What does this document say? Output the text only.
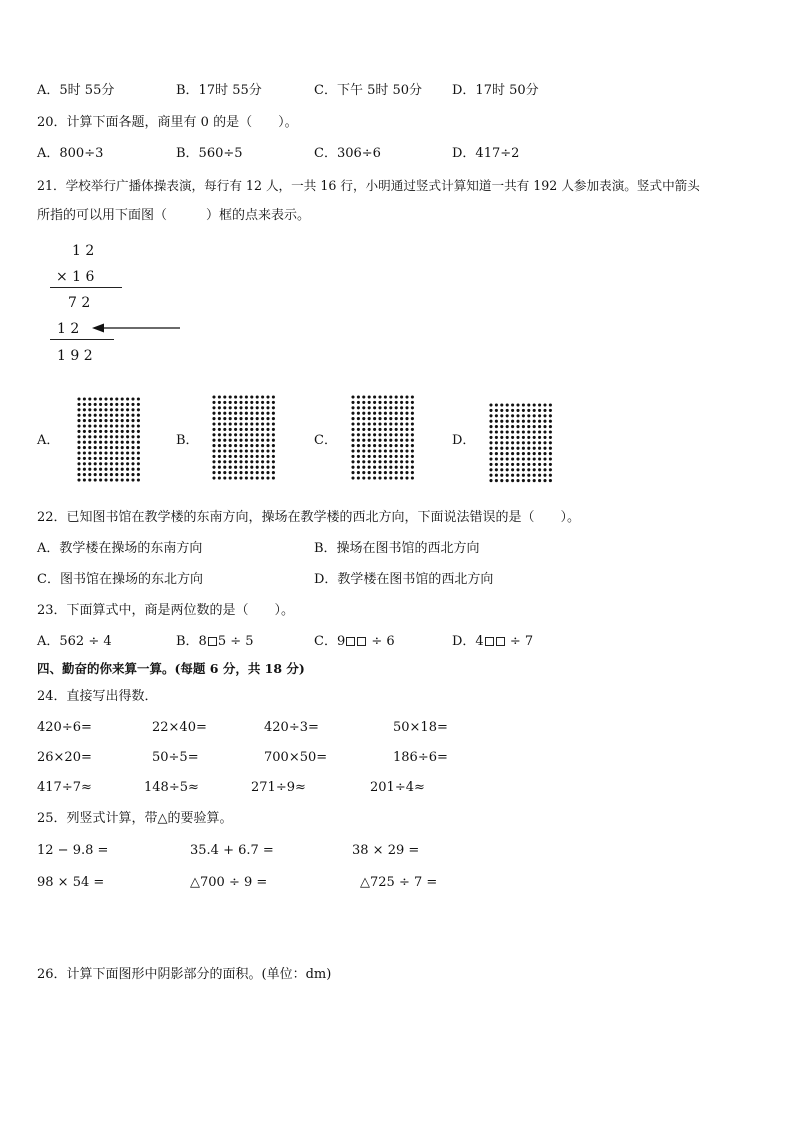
A．5时 55分	B．17时 55分	C．下午 5时 50分 D．17时 50分
20．计算下面各题，商里有 0 的是（　　）。
A．800÷3	B．560÷5	C．306÷6	D．417÷2
21．学校举行广播体操表演，每行有 12 人，一共 16 行，小明通过竖式计算知道一共有 192 人参加表演。竖式中箭头
所指的可以用下面图（　　　）框的点来表示。
1 2
× 1 6
7 2
1 2
1 9 2
A．	B．	C．	D．
22．已知图书馆在教学楼的东南方向，操场在教学楼的西北方向，下面说法错误的是（　　）。
A．教学楼在操场的东南方向	B．操场在图书馆的西北方向
C．图书馆在操场的东北方向	D．教学楼在图书馆的西北方向
23．下面算式中，商是两位数的是（　　）。
A．562 ÷ 4	B．8 5 ÷ 5	C．9 ÷ 6	D．4 ÷ 7
四、勤奋的你来算一算。(每题 6 分，共 18 分)
24．直接写出得数．
420÷6=	22×40=	420÷3=	50×18=
26×20=	50÷5=	700×50=	186÷6=
417÷7≈	148÷5≈	271÷9≈	201÷4≈
25．列竖式计算，带△的要验算。
12 − 9.8 =	35.4 + 6.7 =	38 × 29 =
98 × 54 =	△700 ÷ 9 =	△725 ÷ 7 =
26．计算下面图形中阴影部分的面积。(单位：dm)
